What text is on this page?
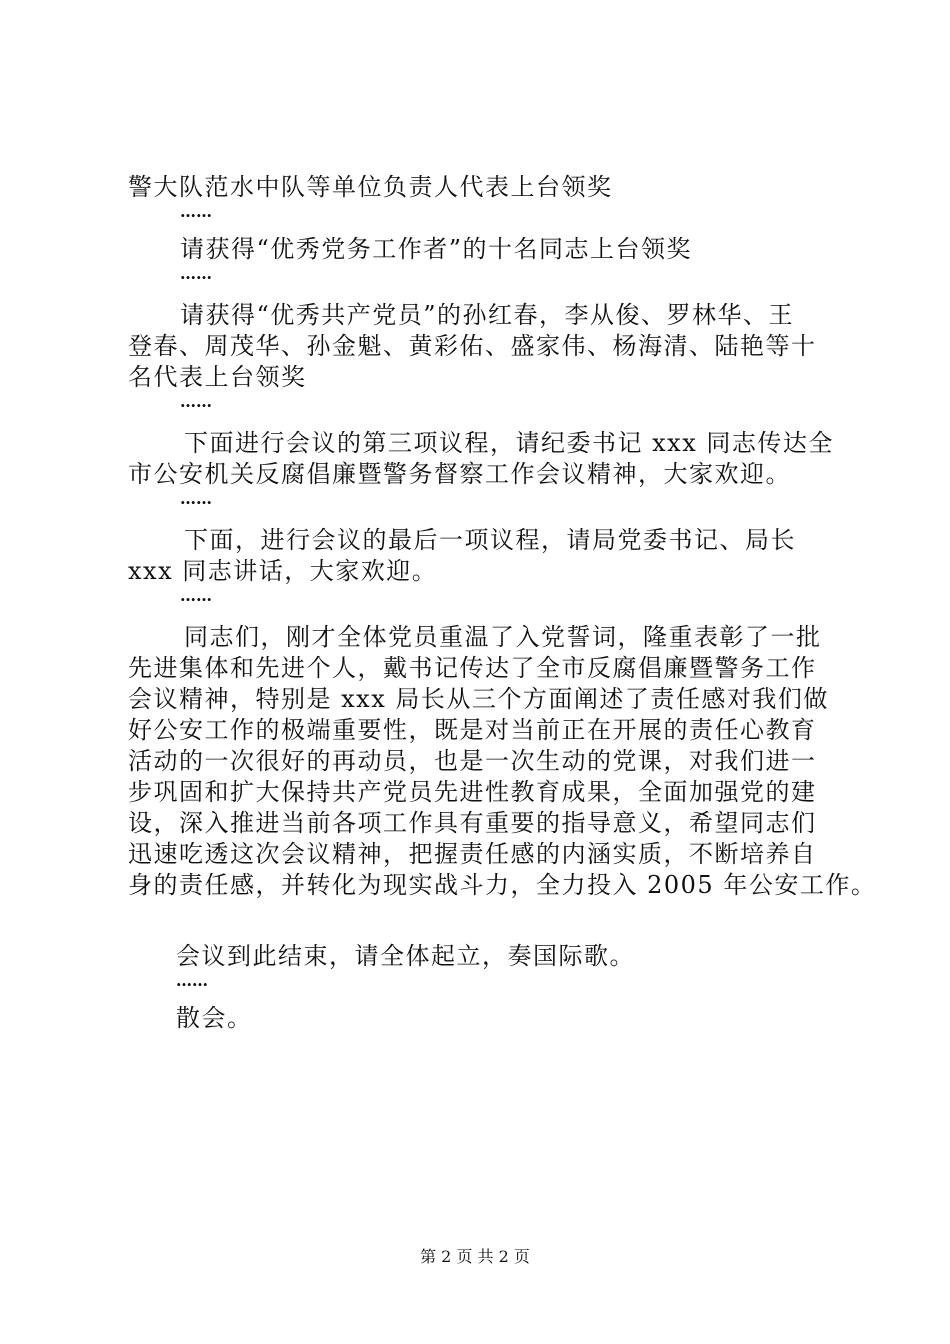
警大队范水中队等单位负责人代表上台领奖
……
请获得“优秀党务工作者”的十名同志上台领奖
……
请获得“优秀共产党员”的孙红春，李从俊、罗林华、王
登春、周茂华、孙金魁、黄彩佑、盛家伟、杨海清、陆艳等十
名代表上台领奖
……
下面进行会议的第三项议程，请纪委书记 xxx 同志传达全
市公安机关反腐倡廉暨警务督察工作会议精神，大家欢迎。
……
下面，进行会议的最后一项议程，请局党委书记、局长
xxx 同志讲话，大家欢迎。
……
同志们，刚才全体党员重温了入党誓词，隆重表彰了一批
先进集体和先进个人，戴书记传达了全市反腐倡廉暨警务工作
会议精神，特别是 xxx 局长从三个方面阐述了责任感对我们做
好公安工作的极端重要性，既是对当前正在开展的责任心教育
活动的一次很好的再动员，也是一次生动的党课，对我们进一
步巩固和扩大保持共产党员先进性教育成果，全面加强党的建
设，深入推进当前各项工作具有重要的指导意义，希望同志们
迅速吃透这次会议精神，把握责任感的内涵实质，不断培养自
身的责任感，并转化为现实战斗力，全力投入 2005 年公安工作。
会议到此结束，请全体起立，奏国际歌。
……
散会。
第 2 页 共 2 页
